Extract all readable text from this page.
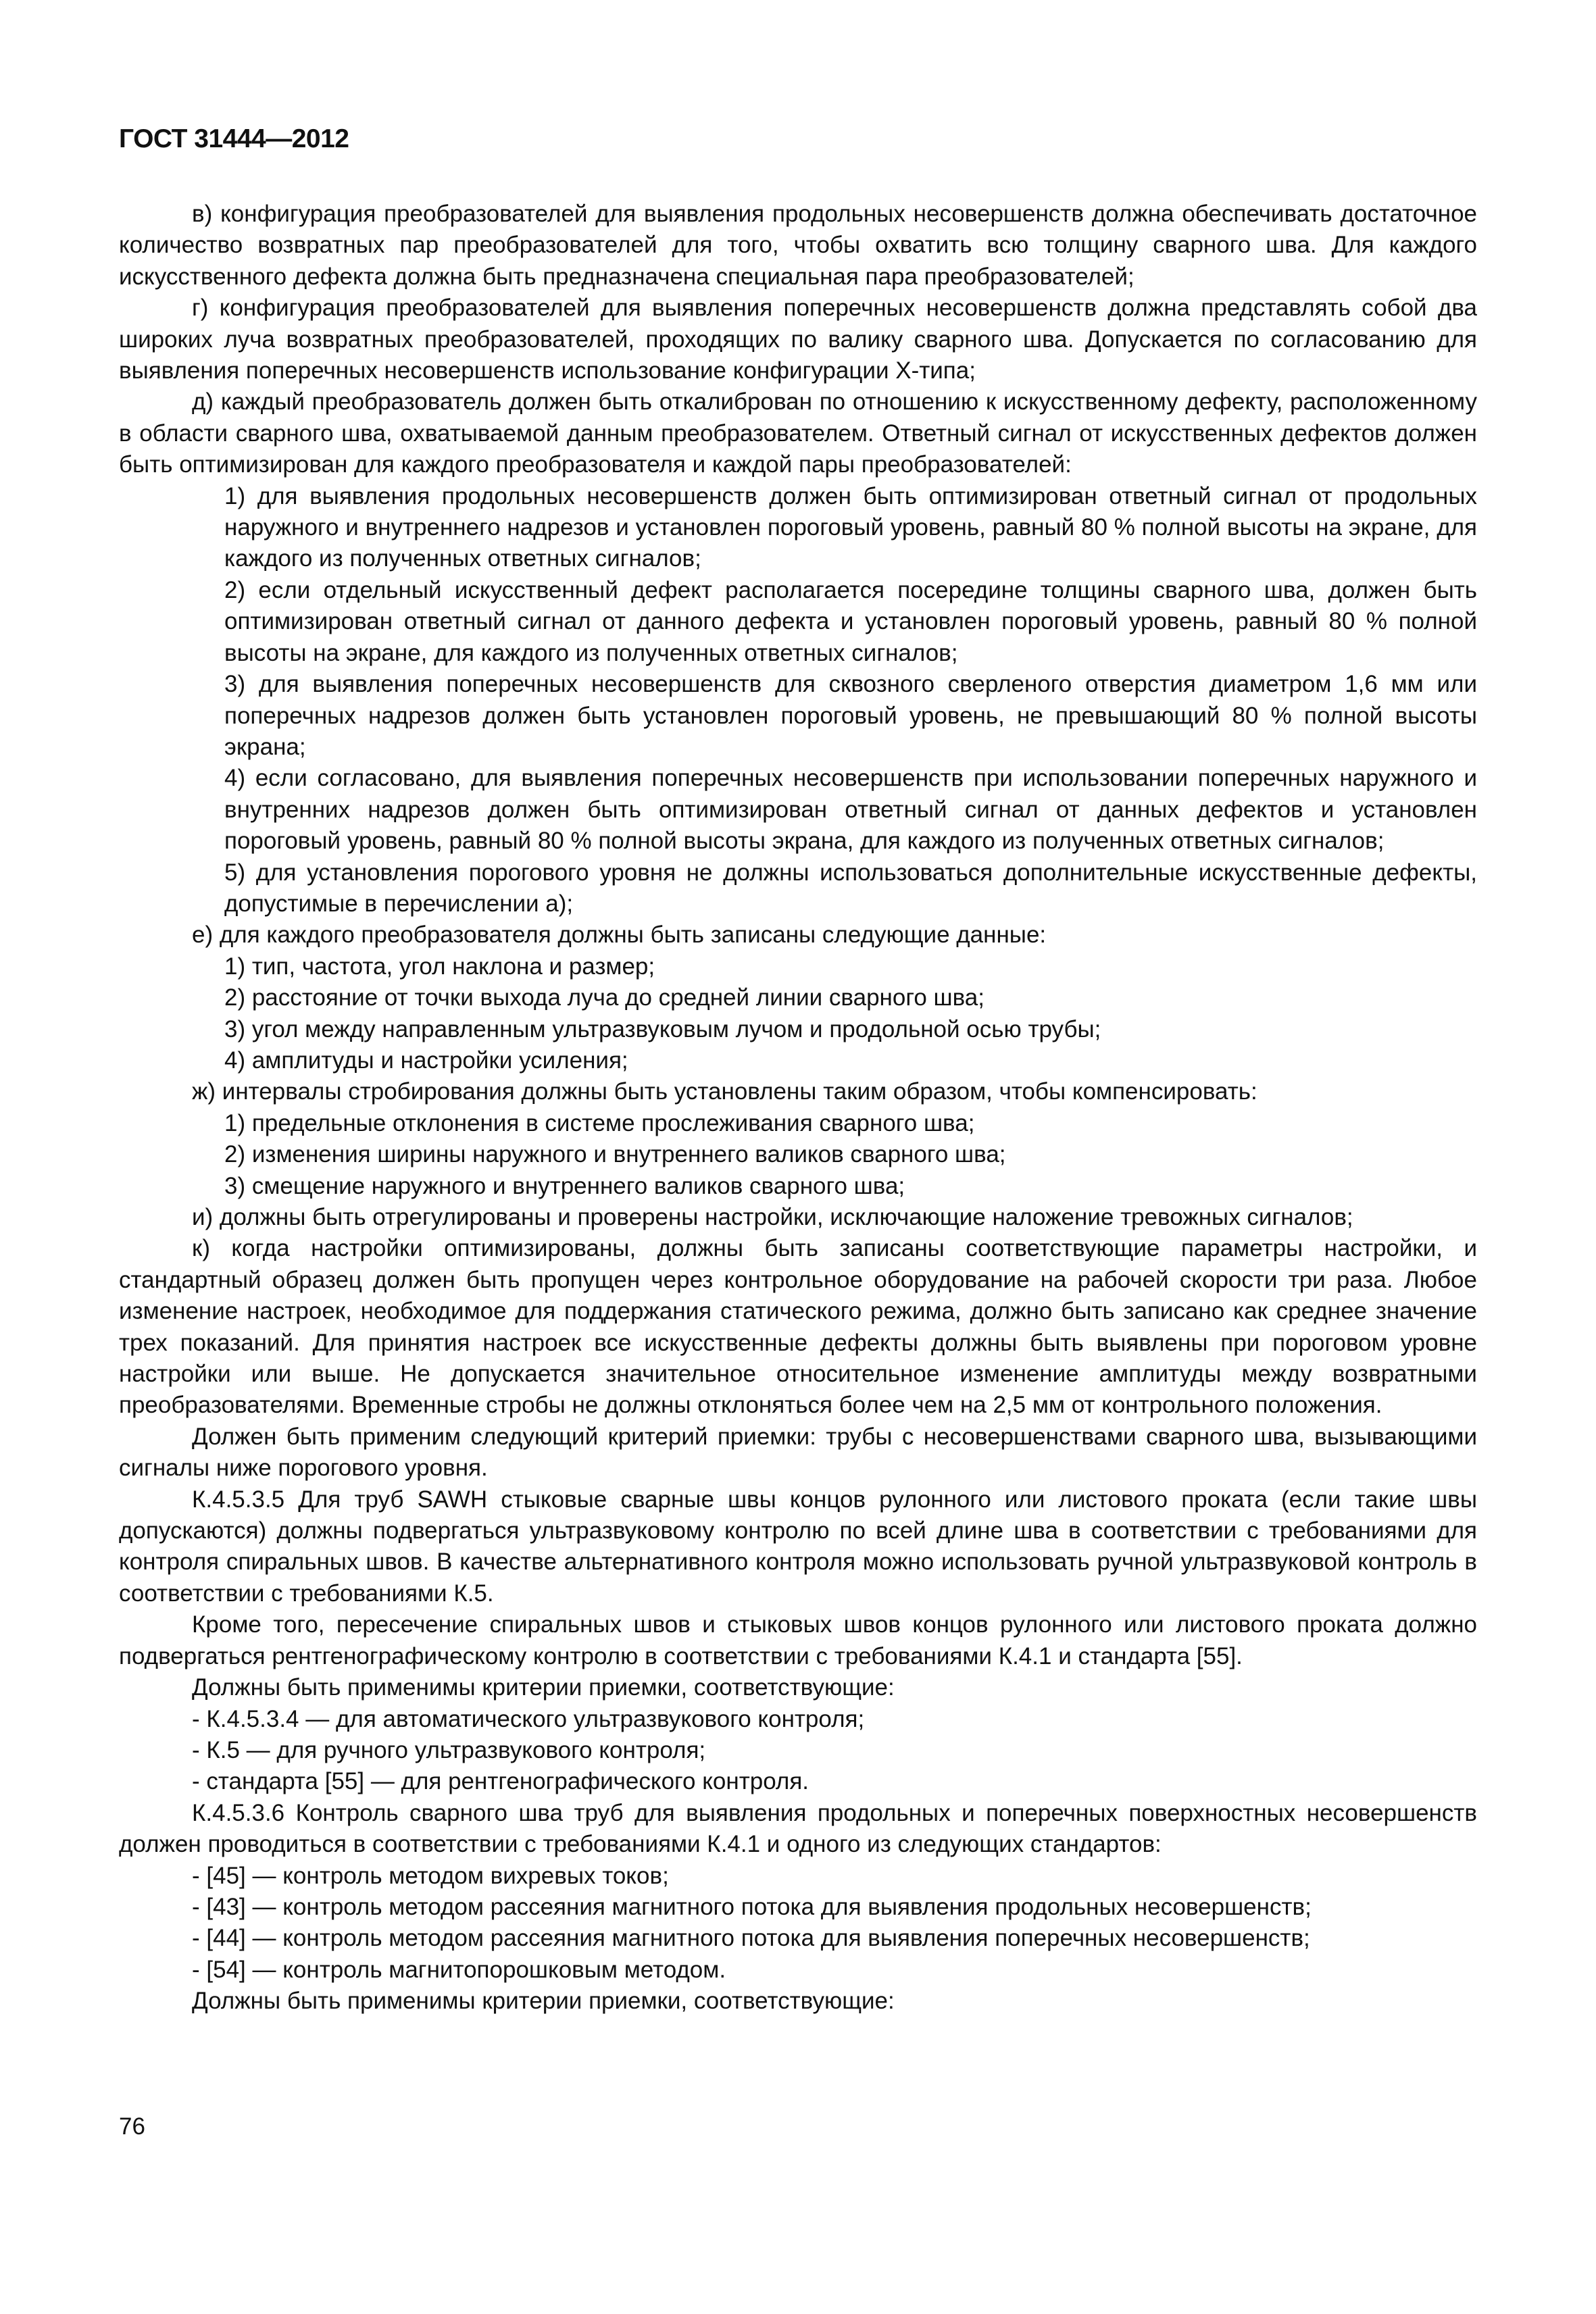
ГОСТ 31444—2012

в) конфигурация преобразователей для выявления продольных несовершенств должна обеспечивать достаточное количество возвратных пар преобразователей для того, чтобы охватить всю толщину сварного шва. Для каждого искусственного дефекта должна быть предназначена специальная пара преобразователей;

г) конфигурация преобразователей для выявления поперечных несовершенств должна представлять собой два широких луча возвратных преобразователей, проходящих по валику сварного шва. Допускается по согласованию для выявления поперечных несовершенств использование конфигурации X-типа;

д) каждый преобразователь должен быть откалиброван по отношению к искусственному дефекту, расположенному в области сварного шва, охватываемой данным преобразователем. Ответный сигнал от искусственных дефектов должен быть оптимизирован для каждого преобразователя и каждой пары преобразователей:

1) для выявления продольных несовершенств должен быть оптимизирован ответный сигнал от продольных наружного и внутреннего надрезов и установлен пороговый уровень, равный 80 % полной высоты на экране, для каждого из полученных ответных сигналов;

2) если отдельный искусственный дефект располагается посередине толщины сварного шва, должен быть оптимизирован ответный сигнал от данного дефекта и установлен пороговый уровень, равный 80 % полной высоты на экране, для каждого из полученных ответных сигналов;

3) для выявления поперечных несовершенств для сквозного сверленого отверстия диаметром 1,6 мм или поперечных надрезов должен быть установлен пороговый уровень, не превышающий 80 % полной высоты экрана;

4) если согласовано, для выявления поперечных несовершенств при использовании поперечных наружного и внутренних надрезов должен быть оптимизирован ответный сигнал от данных дефектов и установлен пороговый уровень, равный 80 % полной высоты экрана, для каждого из полученных ответных сигналов;

5) для установления порогового уровня не должны использоваться дополнительные искусственные дефекты, допустимые в перечислении а);

е) для каждого преобразователя должны быть записаны следующие данные:

1) тип, частота, угол наклона и размер;

2) расстояние от точки выхода луча до средней линии сварного шва;

3) угол между направленным ультразвуковым лучом и продольной осью трубы;

4) амплитуды и настройки усиления;

ж) интервалы стробирования должны быть установлены таким образом, чтобы компенсировать:

1) предельные отклонения в системе прослеживания сварного шва;

2) изменения ширины наружного и внутреннего валиков сварного шва;

3) смещение наружного и внутреннего валиков сварного шва;

и) должны быть отрегулированы и проверены настройки, исключающие наложение тревожных сигналов;

к) когда настройки оптимизированы, должны быть записаны соответствующие параметры настройки, и стандартный образец должен быть пропущен через контрольное оборудование на рабочей скорости три раза. Любое изменение настроек, необходимое для поддержания статического режима, должно быть записано как среднее значение трех показаний. Для принятия настроек все искусственные дефекты должны быть выявлены при пороговом уровне настройки или выше. Не допускается значительное относительное изменение амплитуды между возвратными преобразователями. Временные стробы не должны отклоняться более чем на 2,5 мм от контрольного положения.

Должен быть применим следующий критерий приемки: трубы с несовершенствами сварного шва, вызывающими сигналы ниже порогового уровня.

К.4.5.3.5 Для труб SAWH стыковые сварные швы концов рулонного или листового проката (если такие швы допускаются) должны подвергаться ультразвуковому контролю по всей длине шва в соответствии с требованиями для контроля спиральных швов. В качестве альтернативного контроля можно использовать ручной ультразвуковой контроль в соответствии с требованиями К.5.

Кроме того, пересечение спиральных швов и стыковых швов концов рулонного или листового проката должно подвергаться рентгенографическому контролю в соответствии с требованиями К.4.1 и стандарта [55].

Должны быть применимы критерии приемки, соответствующие:

- К.4.5.3.4 — для автоматического ультразвукового контроля;

- К.5 — для ручного ультразвукового контроля;

- стандарта [55] — для рентгенографического контроля.

К.4.5.3.6 Контроль сварного шва труб для выявления продольных и поперечных поверхностных несовершенств должен проводиться в соответствии с требованиями К.4.1 и одного из следующих стандартов:

- [45] — контроль методом вихревых токов;

- [43] — контроль методом рассеяния магнитного потока для выявления продольных несовершенств;

- [44] — контроль методом рассеяния магнитного потока для выявления поперечных несовершенств;

- [54] — контроль магнитопорошковым методом.

Должны быть применимы критерии приемки, соответствующие:

76
